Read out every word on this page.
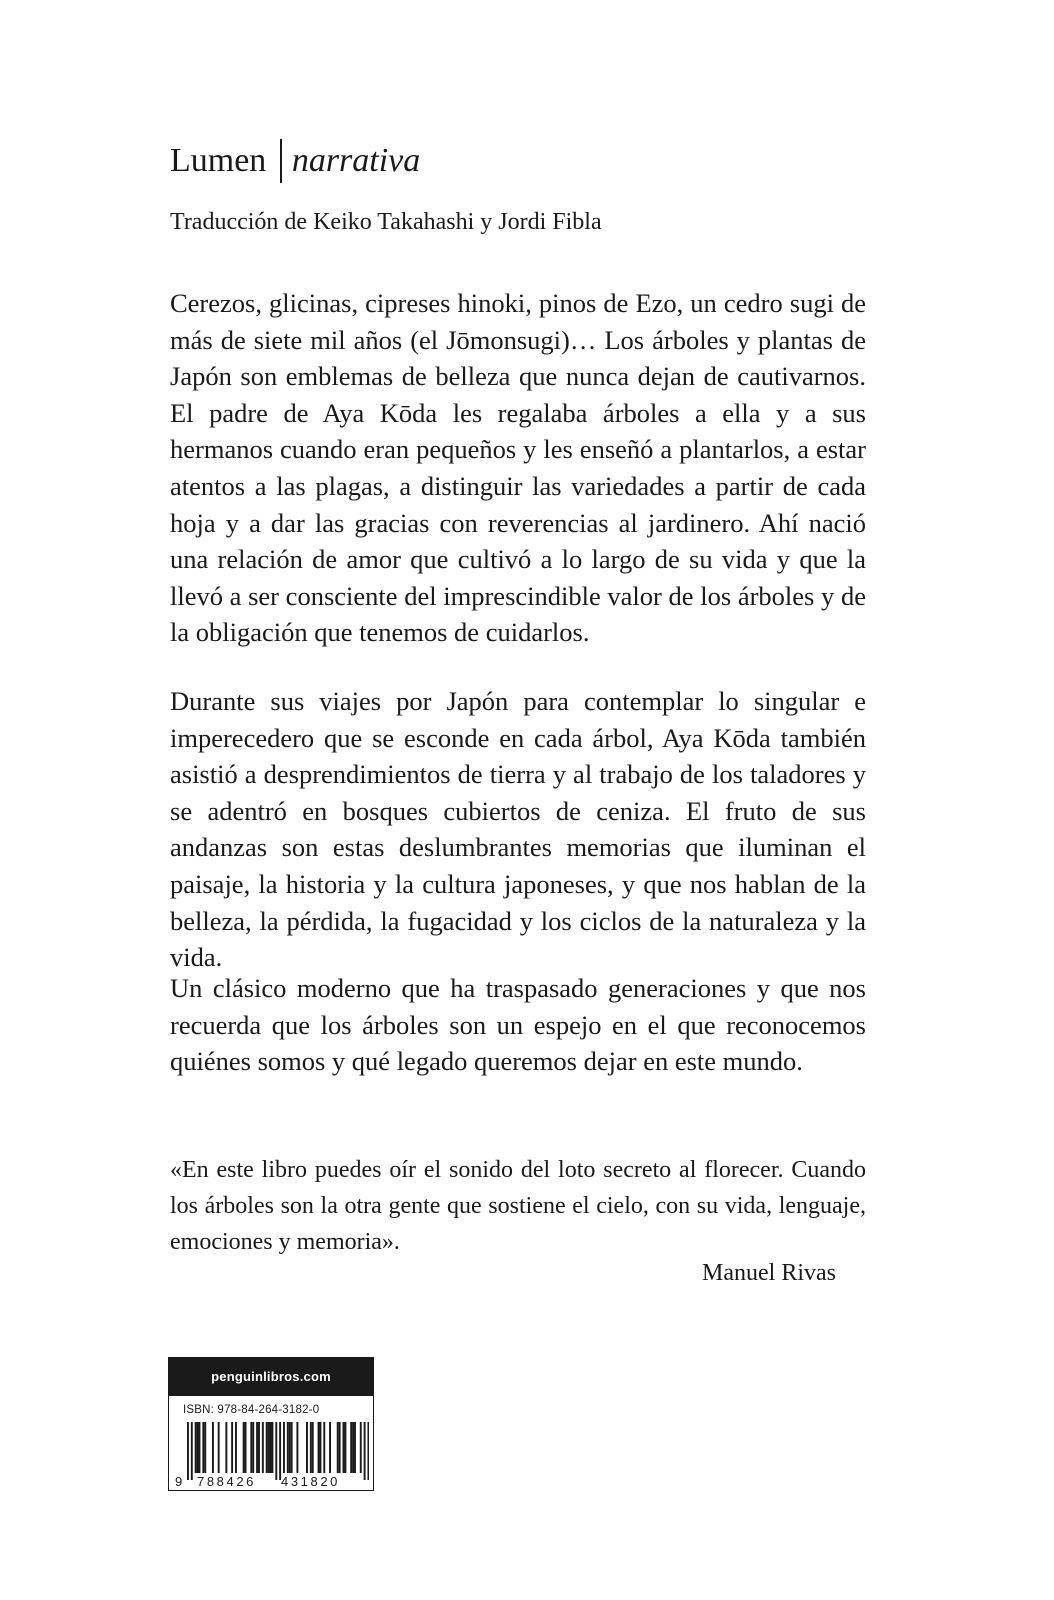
Lumen narrativa
Traducción de Keiko Takahashi y Jordi Fibla

Cerezos, glicinas, cipreses hinoki, pinos de Ezo, un cedro sugi de más de siete mil años (el Jōmonsugi)… Los árboles y plantas de Japón son emblemas de belleza que nunca dejan de cautivarnos. El padre de Aya Kōda les regalaba árboles a ella y a sus hermanos cuando eran pequeños y les enseñó a plantarlos, a estar atentos a las plagas, a distinguir las variedades a partir de cada hoja y a dar las gracias con reverencias al jardinero. Ahí nació una relación de amor que cultivó a lo largo de su vida y que la llevó a ser consciente del imprescindible valor de los árboles y de la obligación que tenemos de cuidarlos.

Durante sus viajes por Japón para contemplar lo singular e imperecedero que se esconde en cada árbol, Aya Kōda también asistió a desprendimientos de tierra y al trabajo de los taladores y se adentró en bosques cubiertos de ceniza. El fruto de sus andanzas son estas deslumbrantes memorias que iluminan el paisaje, la historia y la cultura japoneses, y que nos hablan de la belleza, la pérdida, la fugacidad y los ciclos de la naturaleza y la vida.

Un clásico moderno que ha traspasado generaciones y que nos recuerda que los árboles son un espejo en el que reconocemos quiénes somos y qué legado queremos dejar en este mundo.

«En este libro puedes oír el sonido del loto secreto al florecer. Cuando los árboles son la otra gente que sostiene el cielo, con su vida, lenguaje, emociones y memoria».

Manuel Rivas
penguinlibros.com
ISBN: 978-84-264-3182-0
9 788426 431820
